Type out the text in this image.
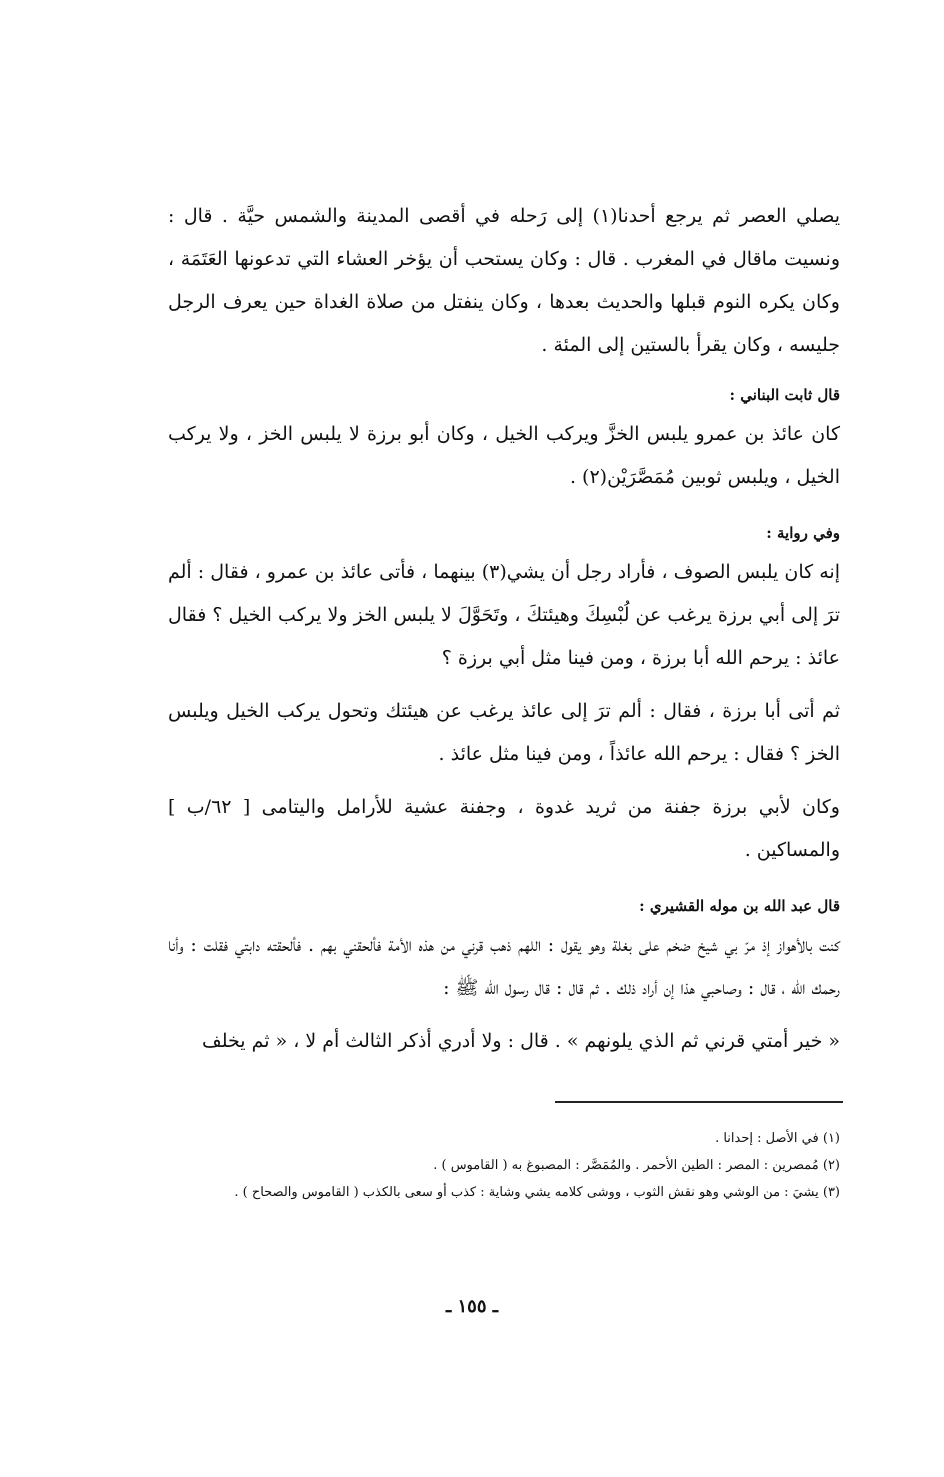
يصلي العصر ثم يرجع أحدنا(١) إلى رَحله في أقصى المدينة والشمس حيَّة . قال : ونسيت ماقال في المغرب . قال : وكان يستحب أن يؤخر العشاء التي تدعونها العَتَمَة ، وكان يكره النوم قبلها والحديث بعدها ، وكان ينفتل من صلاة الغداة حين يعرف الرجل جليسه ، وكان يقرأ بالستين إلى المئة .

قال ثابت البناني :

كان عائذ بن عمرو يلبس الخزَّ ويركب الخيل ، وكان أبو برزة لا يلبس الخز ، ولا يركب الخيل ، ويلبس ثوبين مُمَصَّرَيْن(٢) .

وفي رواية :

إنه كان يلبس الصوف ، فأراد رجل أن يشي(٣) بينهما ، فأتى عائذ بن عمرو ، فقال : ألم ترَ إلى أبي برزة يرغب عن لُبْسِكَ وهيئتكَ ، وتَحَوَّلَ لا يلبس الخز ولا يركب الخيل ؟ فقال عائذ : يرحم الله أبا برزة ، ومن فينا مثل أبي برزة ؟

ثم أتى أبا برزة ، فقال : ألم ترَ إلى عائذ يرغب عن هيئتك وتحول يركب الخيل ويلبس الخز ؟ فقال : يرحم الله عائذاً ، ومن فينا مثل عائذ .

وكان لأبي برزة جفنة من ثريد غدوة ، وجفنة عشية للأرامل واليتامى [ ٦٢/ب ] والمساكين .

قال عبد الله بن موله القشيري :

كنت بالأهواز إذ مرّ بي شيخ ضخم على بغلة وهو يقول : اللهم ذهب قرني من هذه الأمة فألحقني بهم . فألحقته دابتي فقلت : وأنا رحمك الله ، قال : وصاحبي هذا إن أراد ذلك . ثم قال : قال رسول الله ﷺ :

« خير أمتي قرني ثم الذي يلونهم » . قال : ولا أدري أذكر الثالث أم لا ، « ثم يخلف

(١) في الأصل : إحدانا .

(٢) مُمصرين : المصر : الطين الأحمر . والمُمَصَّر : المصبوغ به ( القاموس ) .

(٣) يشيَ : من الوشي وهو نقش الثوب ، ووشى كلامه يشي وشاية : كذب أو سعى بالكذب ( القاموس والصحاح ) .

ـ ١٥٥ ـ
